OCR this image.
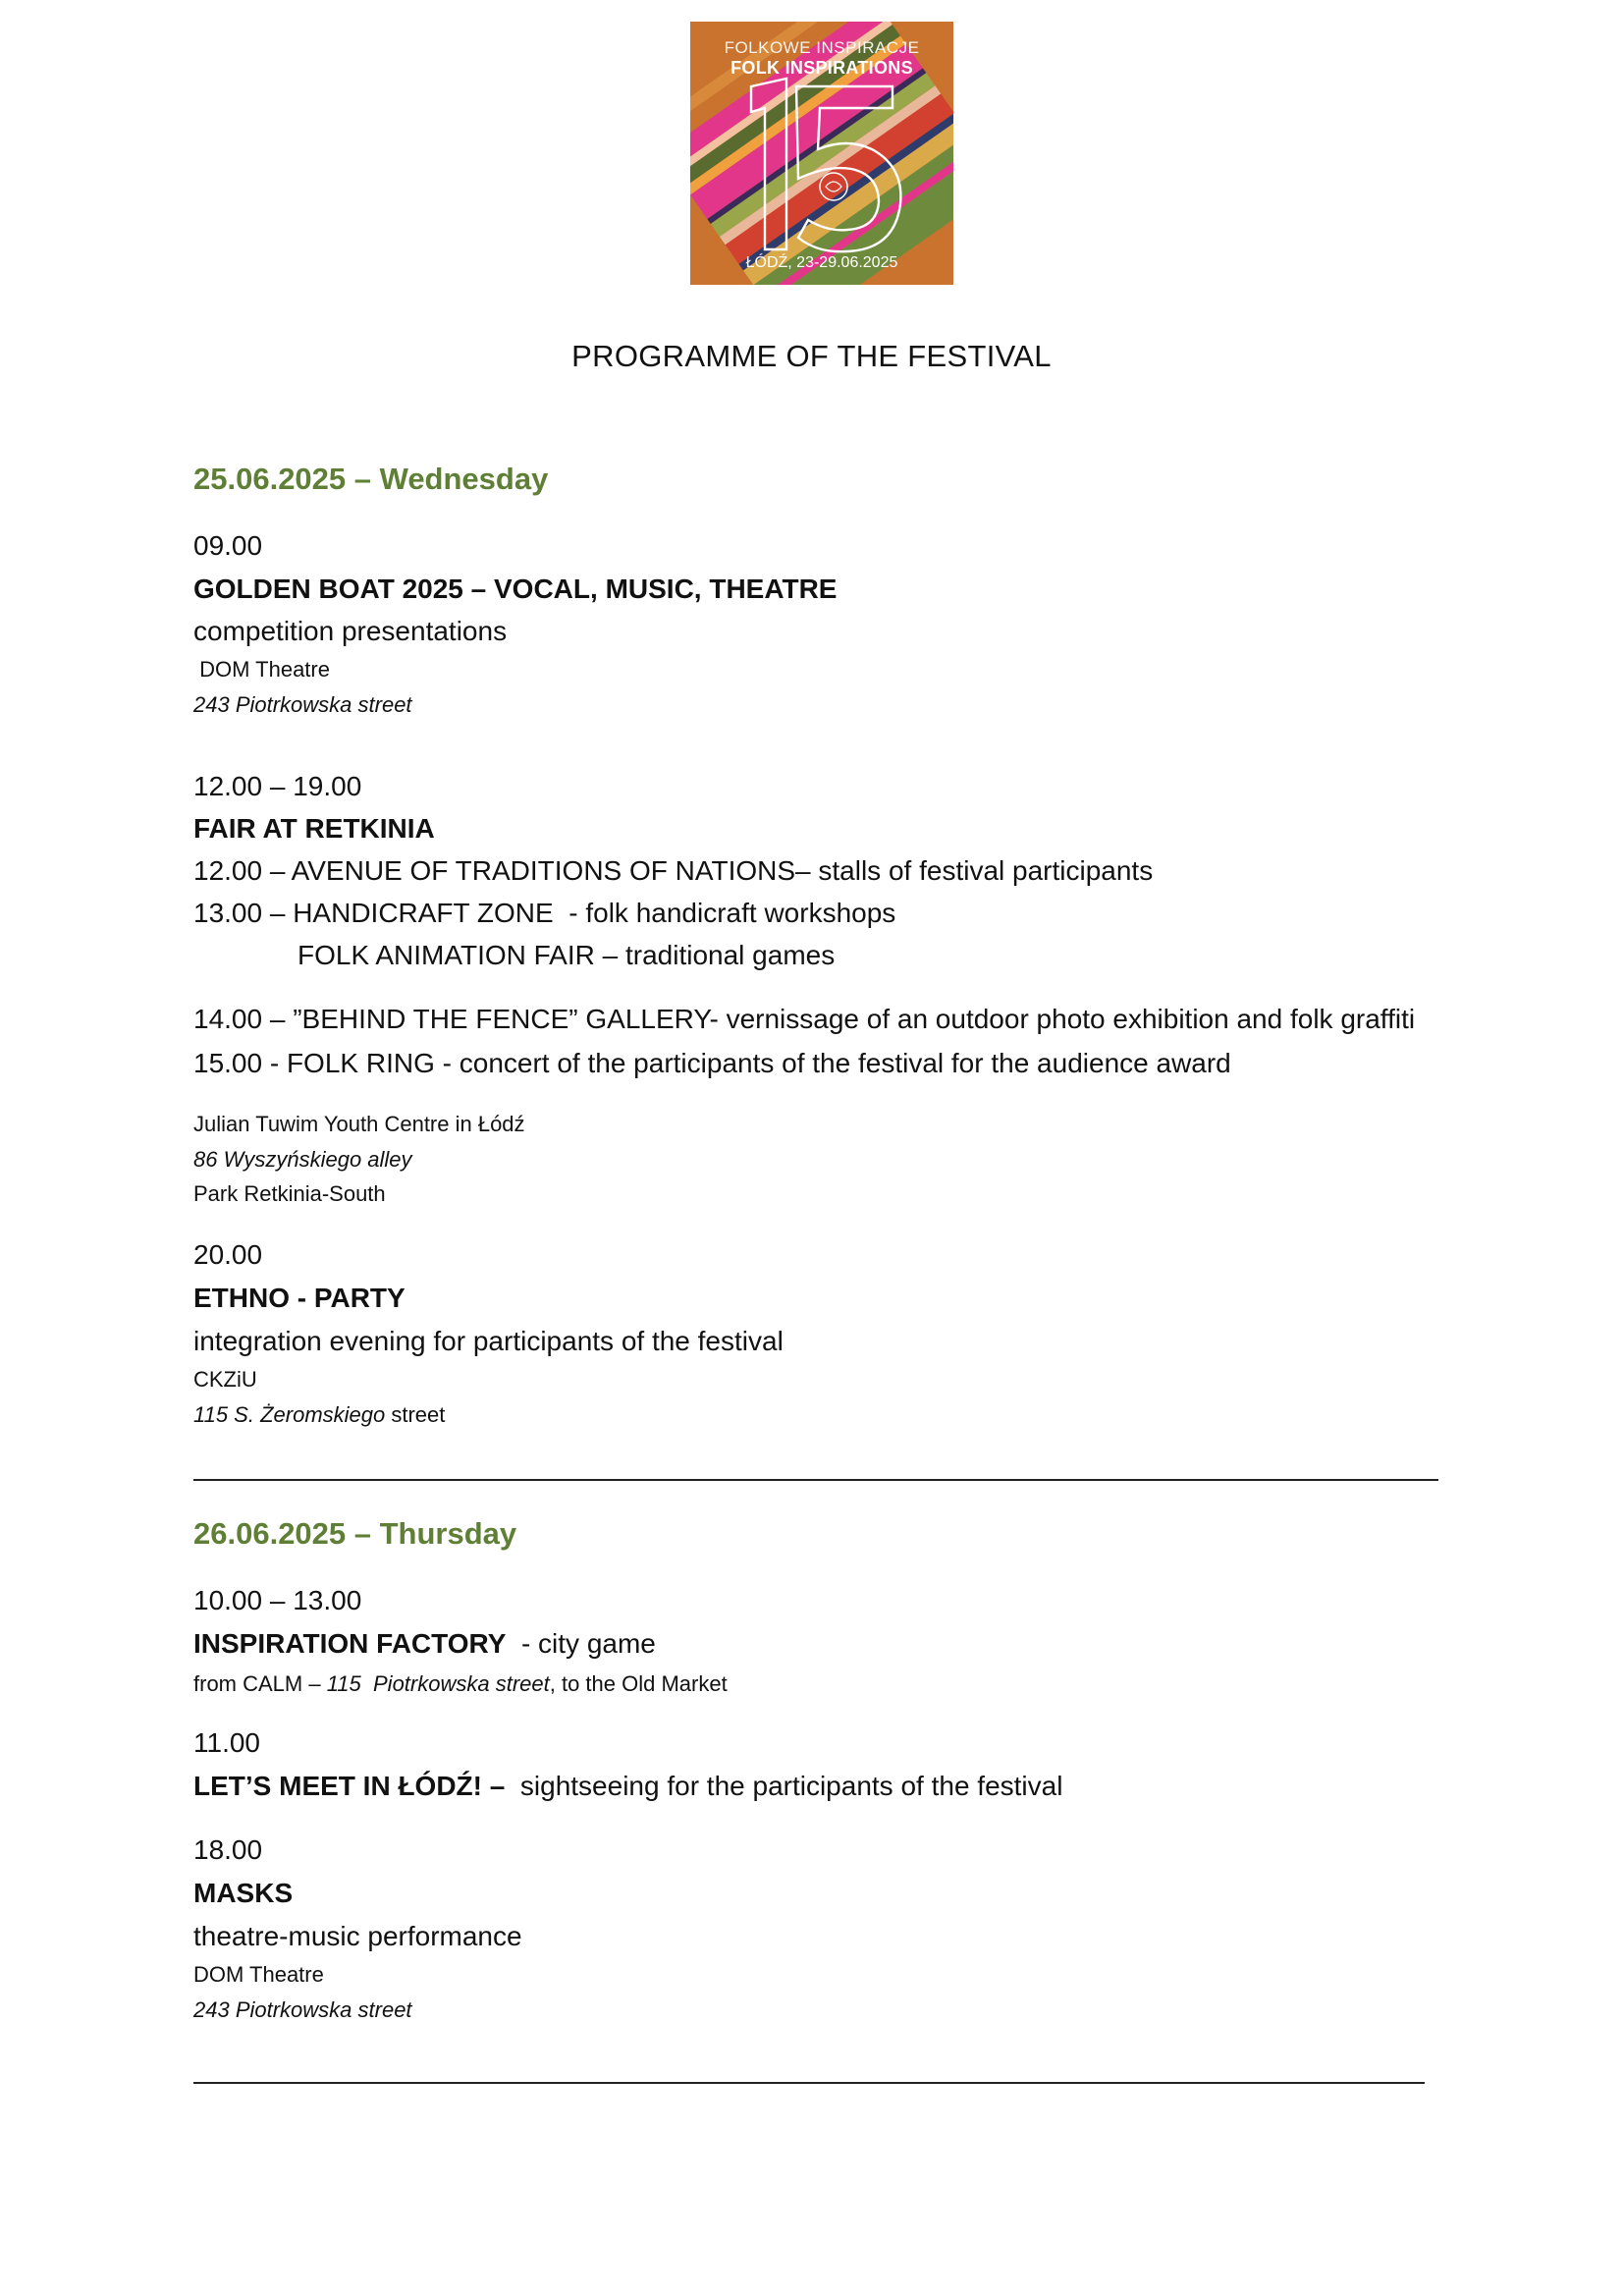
FOLKOWE INSPIRACJE
FOLK INSPIRATIONS
ŁÓDŹ, 23-29.06.2025
PROGRAMME OF THE FESTIVAL
25.06.2025 – Wednesday
09.00
GOLDEN BOAT 2025 – VOCAL, MUSIC, THEATRE
competition presentations
DOM Theatre
243 Piotrkowska street
12.00 – 19.00
FAIR AT RETKINIA
12.00 – AVENUE OF TRADITIONS OF NATIONS– stalls of festival participants
13.00 – HANDICRAFT ZONE  - folk handicraft workshops
FOLK ANIMATION FAIR – traditional games
14.00 – ”BEHIND THE FENCE” GALLERY- vernissage of an outdoor photo exhibition and folk graffiti
15.00 - FOLK RING - concert of the participants of the festival for the audience award
Julian Tuwim Youth Centre in Łódź
86 Wyszyńskiego alley
Park Retkinia-South
20.00
ETHNO - PARTY
integration evening for participants of the festival
CKZiU
115 S. Żeromskiego street
26.06.2025 – Thursday
10.00 – 13.00
INSPIRATION FACTORY  - city game
from CALM – 115  Piotrkowska street, to the Old Market
11.00
LET’S MEET IN ŁÓDŹ! –  sightseeing for the participants of the festival
18.00
MASKS
theatre-music performance
DOM Theatre
243 Piotrkowska street
